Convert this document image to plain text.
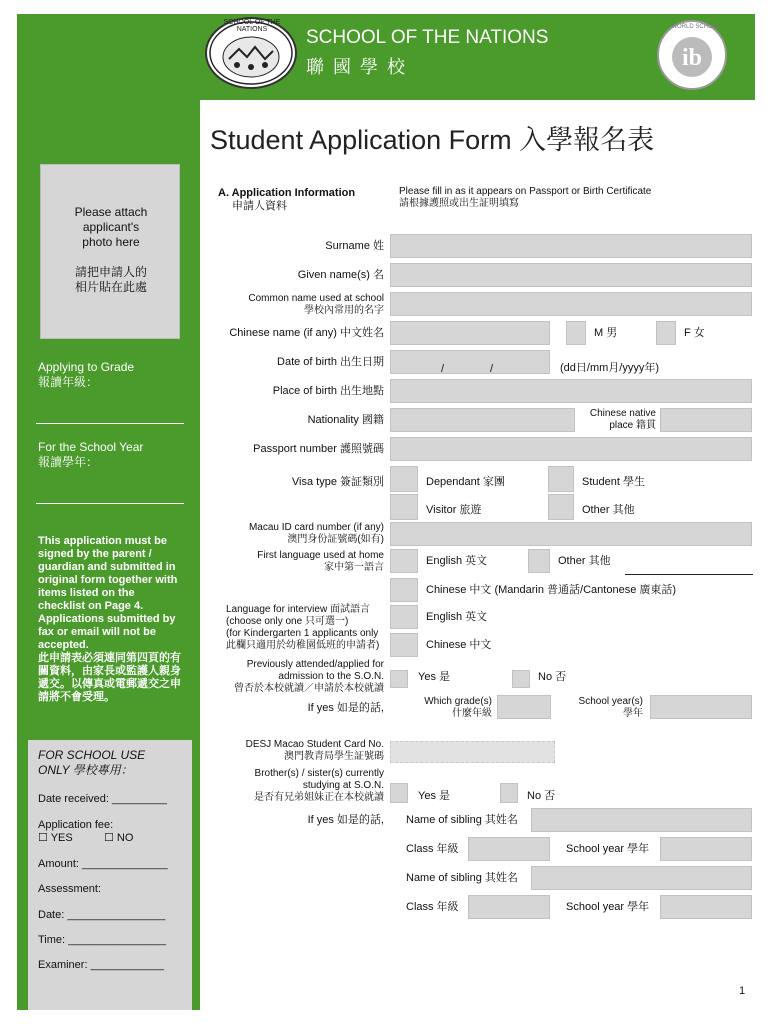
SCHOOL OF THE NATIONS	SCHOOL OF THE NATIONS
聯 國 學 校	ib
WORLD SCHOOL
Student Application Form 入學報名表
Please attach
applicant's
photo here

請把申請人的
相片貼在此處
Applying to Grade
報讀年級：
For the School Year
報讀學年：
This application must be signed by the parent / guardian and submitted in original form together with items listed on the checklist on Page 4. Applications submitted by fax or email will not be accepted.
此申請表必須連同第四頁的有關資料，由家長或監護人親身遞交。以傳真或電郵遞交之申請將不會受理。
FOR SCHOOL USE
ONLY 學校專用：
Date received: _________
Application fee:
☐ YES	☐ NO
Amount: ______________
Assessment:
Date: ________________
Time: ________________
Examiner: ____________
A. Application Information
申請人資料
Please fill in as it appears on Passport or Birth Certificate
請根據護照或出生証明填寫
Surname 姓
Given name(s) 名
Common name used at school
學校內常用的名字
Chinese name (if any) 中文姓名	M 男	F 女
Date of birth 出生日期
/	/	(dd日/mm月/yyyy年)
Place of birth 出生地點
Nationality 國籍
Chinese native
place 籍貫
Passport number 護照號碼
Visa type 簽証類別	Dependant 家團	Student 學生
Visitor 旅遊	Other 其他
Macau ID card number (if any)
澳門身份証號碼(如有)
First language used at home
家中第一語言
English 英文	Other 其他
Chinese 中文 (Mandarin 普通話/Cantonese 廣東話)
Language for interview 面試語言
(choose only one 只可選一)
(for Kindergarten 1 applicants only
此欄只適用於幼稚園低班的申請者)
English 英文
Chinese 中文
Previously attended/applied for
admission to the S.O.N.
曾否於本校就讀／申請於本校就讀
Yes 是	No 否
If yes 如是的話,
Which grade(s)
什麼年級
School year(s)
學年
DESJ Macao Student Card No.
澳門教青局學生証號碼
Brother(s) / sister(s) currently
studying at S.O.N.
是否有兄弟姐妹正在本校就讀	Yes 是	No 否
If yes 如是的話, Name of sibling 其姓名
Class 年級	School year 學年
Name of sibling 其姓名
Class 年級	School year 學年
1
